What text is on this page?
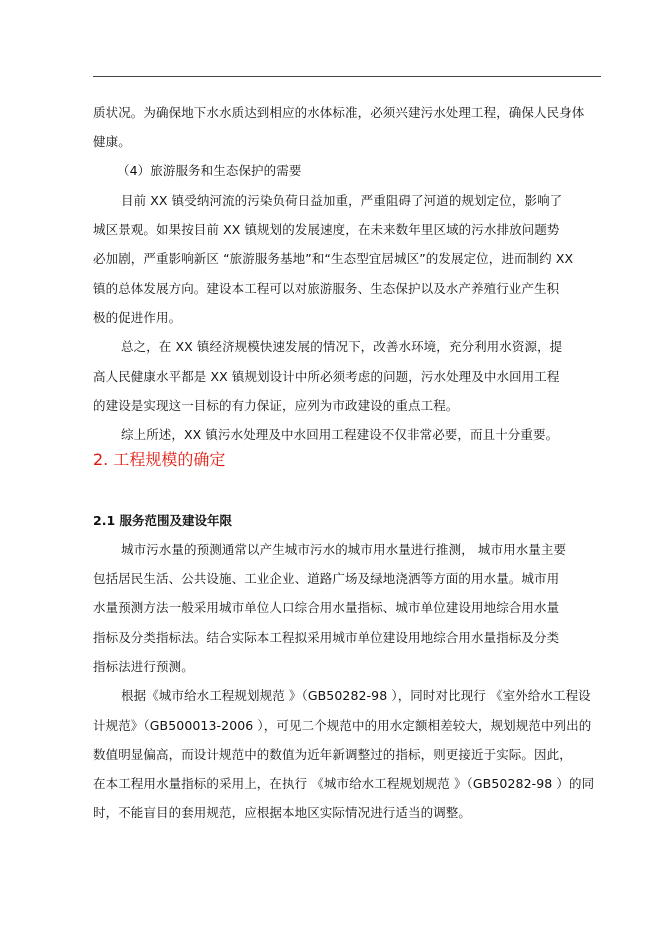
质状况。为确保地下水水质达到相应的水体标准，必须兴建污水处理工程，确保人民身体
健康。
（4）旅游服务和生态保护的需要
目前 XX 镇受纳河流的污染负荷日益加重，严重阻碍了河道的规划定位，影响了
城区景观。如果按目前 XX 镇规划的发展速度，在未来数年里区域的污水排放问题势
必加剧，严重影响新区 “旅游服务基地”和“生态型宜居城区”的发展定位，进而制约 XX
镇的总体发展方向。建设本工程可以对旅游服务、生态保护以及水产养殖行业产生积
极的促进作用。
总之，在 XX 镇经济规模快速发展的情况下，改善水环境，充分利用水资源，提
高人民健康水平都是 XX 镇规划设计中所必须考虑的问题，污水处理及中水回用工程
的建设是实现这一目标的有力保证，应列为市政建设的重点工程。
综上所述，XX 镇污水处理及中水回用工程建设不仅非常必要，而且十分重要。
2. 工程规模的确定
2.1 服务范围及建设年限
城市污水量的预测通常以产生城市污水的城市用水量进行推测， 城市用水量主要
包括居民生活、公共设施、工业企业、道路广场及绿地浇洒等方面的用水量。城市用
水量预测方法一般采用城市单位人口综合用水量指标、城市单位建设用地综合用水量
指标及分类指标法。结合实际本工程拟采用城市单位建设用地综合用水量指标及分类
指标法进行预测。
根据《城市给水工程规划规范 》（GB50282-98 ），同时对比现行 《室外给水工程设
计规范》（GB500013-2006 ），可见二个规范中的用水定额相差较大，规划规范中列出的
数值明显偏高，而设计规范中的数值为近年新调整过的指标，则更接近于实际。因此，
在本工程用水量指标的采用上，在执行 《城市给水工程规划规范 》（GB50282-98 ）的同
时，不能盲目的套用规范，应根据本地区实际情况进行适当的调整。
